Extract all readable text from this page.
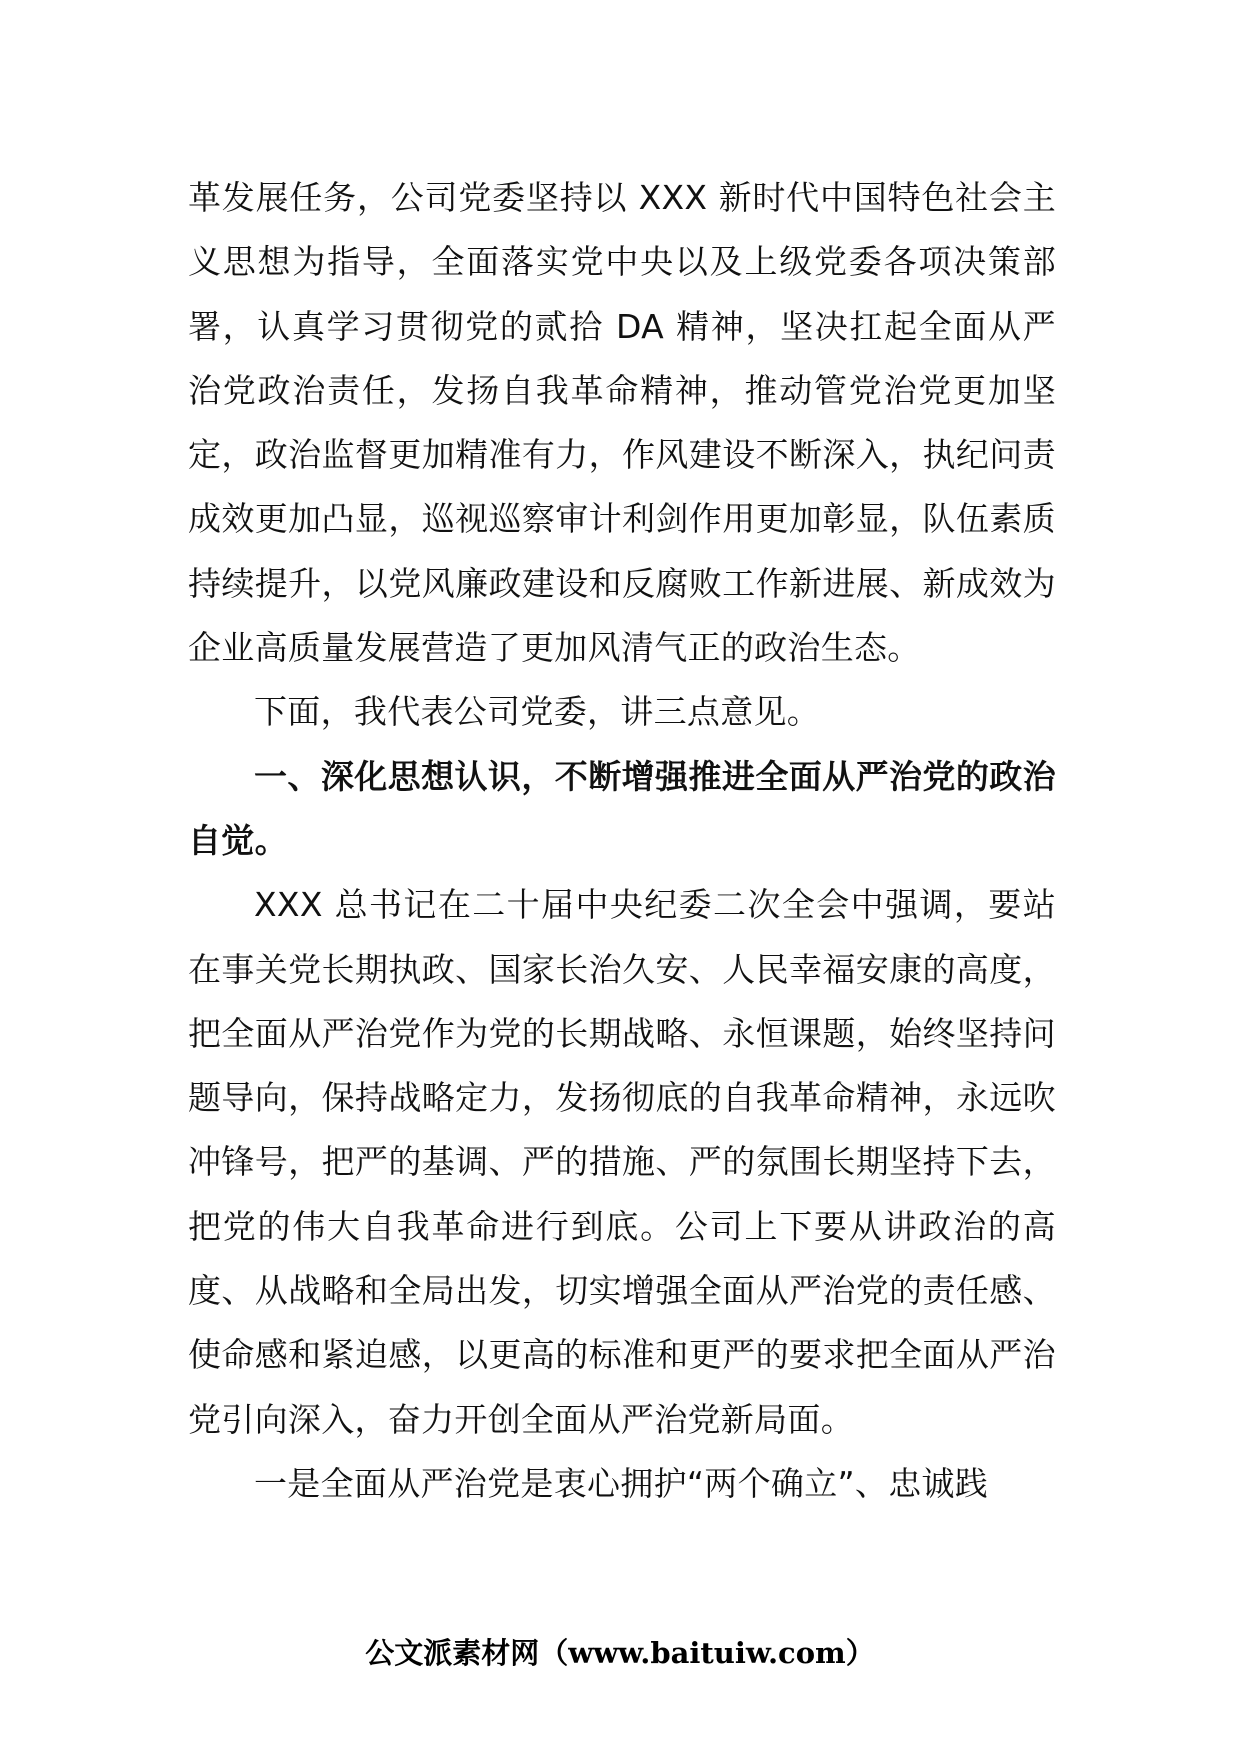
革发展任务，公司党委坚持以 XXX 新时代中国特色社会主义思想为指导，全面落实党中央以及上级党委各项决策部署，认真学习贯彻党的贰拾 DA 精神，坚决扛起全面从严治党政治责任，发扬自我革命精神，推动管党治党更加坚定，政治监督更加精准有力，作风建设不断深入，执纪问责成效更加凸显，巡视巡察审计利剑作用更加彰显，队伍素质持续提升，以党风廉政建设和反腐败工作新进展、新成效为企业高质量发展营造了更加风清气正的政治生态。

下面，我代表公司党委，讲三点意见。

一、深化思想认识，不断增强推进全面从严治党的政治自觉。

XXX 总书记在二十届中央纪委二次全会中强调，要站在事关党长期执政、国家长治久安、人民幸福安康的高度，把全面从严治党作为党的长期战略、永恒课题，始终坚持问题导向，保持战略定力，发扬彻底的自我革命精神，永远吹冲锋号，把严的基调、严的措施、严的氛围长期坚持下去，把党的伟大自我革命进行到底。公司上下要从讲政治的高度、从战略和全局出发，切实增强全面从严治党的责任感、使命感和紧迫感，以更高的标准和更严的要求把全面从严治党引向深入，奋力开创全面从严治党新局面。

一是全面从严治党是衷心拥护“两个确立”、忠诚践

公文派素材网（www.baituiw.com）
